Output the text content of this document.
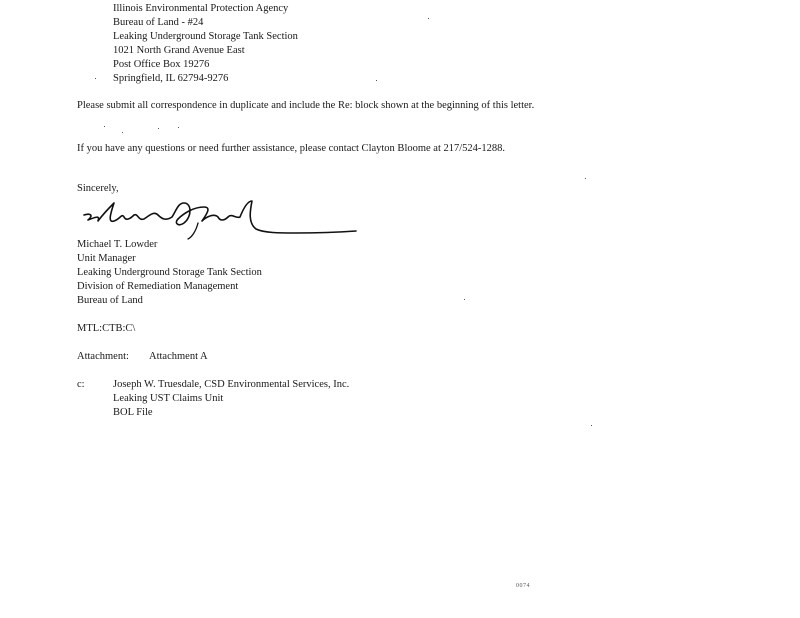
Illinois Environmental Protection Agency
Bureau of Land - #24
Leaking Underground Storage Tank Section
1021 North Grand Avenue East
Post Office Box 19276
Springfield, IL 62794-9276
Please submit all correspondence in duplicate and include the Re: block shown at the beginning of this letter.
If you have any questions or need further assistance, please contact Clayton Bloome at 217/524-1288.
Sincerely,
Michael T. Lowder
Unit Manager
Leaking Underground Storage Tank Section
Division of Remediation Management
Bureau of Land
MTL:CTB:C\
Attachment: Attachment A
c:	Joseph W. Truesdale, CSD Environmental Services, Inc.
Leaking UST Claims Unit
BOL File
0074
